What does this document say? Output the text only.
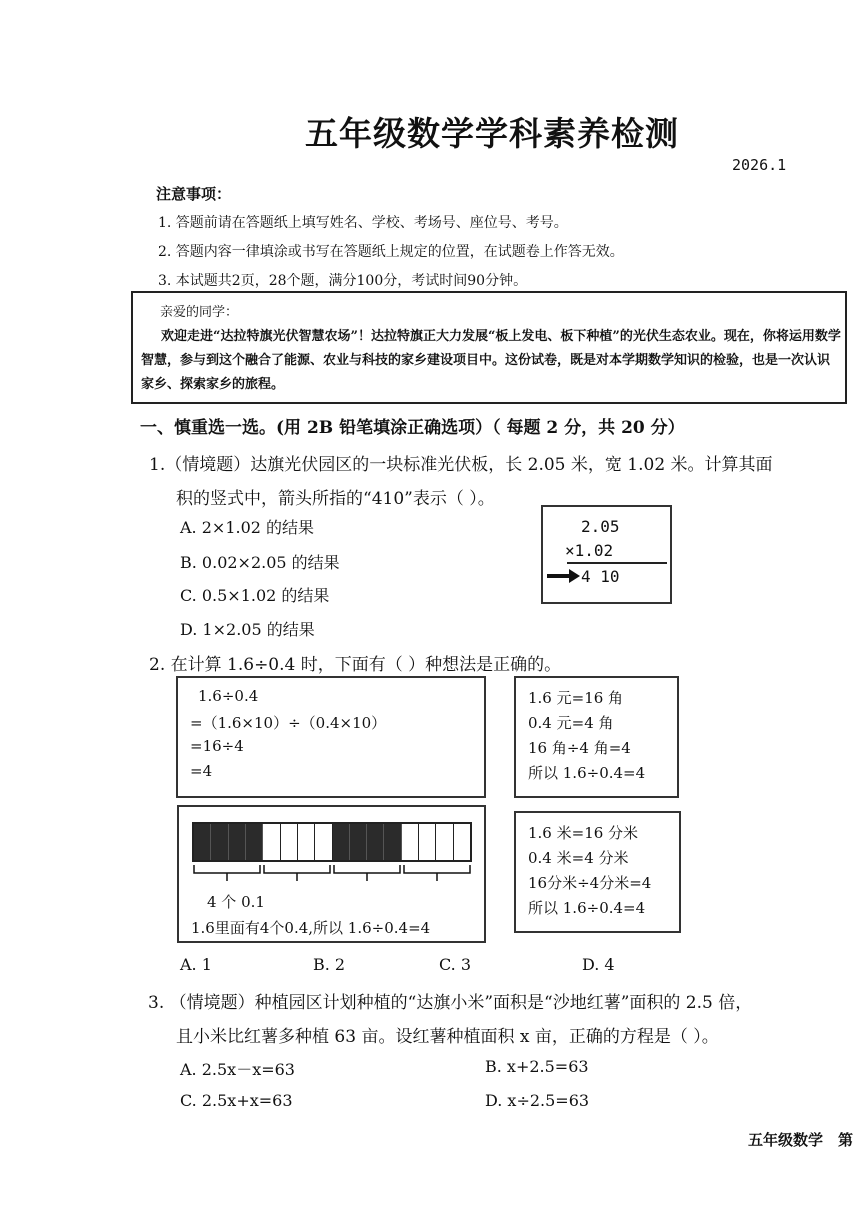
五年级数学学科素养检测
2026.1
注意事项：
1. 答题前请在答题纸上填写姓名、学校、考场号、座位号、考号。
2. 答题内容一律填涂或书写在答题纸上规定的位置，在试题卷上作答无效。
3. 本试题共2页，28个题，满分100分，考试时间90分钟。
亲爱的同学：
欢迎走进“达拉特旗光伏智慧农场”！达拉特旗正大力发展“板上发电、板下种植”的光伏生态农业。现在，你将运用数学智慧，参与到这个融合了能源、农业与科技的家乡建设项目中。这份试卷，既是对本学期数学知识的检验，也是一次认识家乡、探索家乡的旅程。
一、慎重选一选。(用 2B 铅笔填涂正确选项）（ 每题 2 分，共 20 分）
1.（情境题）达旗光伏园区的一块标准光伏板，长 2.05 米，宽 1.02 米。计算其面
积的竖式中，箭头所指的“410”表示（ ）。
A. 2×1.02 的结果
B. 0.02×2.05 的结果
C. 0.5×1.02 的结果
D. 1×2.05 的结果
2.05
×1.02
4 10
2. 在计算 1.6÷0.4 时，下面有（ ）种想法是正确的。
1.6÷0.4
=（1.6×10）÷（0.4×10）
=16÷4
=4
1.6 元=16 角
0.4 元=4 角
16 角÷4 角=4
所以 1.6÷0.4=4
4 个 0.1
1.6里面有4个0.4,所以 1.6÷0.4=4
1.6 米=16 分米
0.4 米=4 分米
16分米÷4分米=4
所以 1.6÷0.4=4
A. 1	B. 2	C. 3	D. 4
3. （情境题）种植园区计划种植的“达旗小米”面积是“沙地红薯”面积的 2.5 倍，
且小米比红薯多种植 63 亩。设红薯种植面积 x 亩，正确的方程是（ ）。
A. 2.5x－x=63	B. x+2.5=63
C. 2.5x+x=63	D. x÷2.5=63
五年级数学　第
